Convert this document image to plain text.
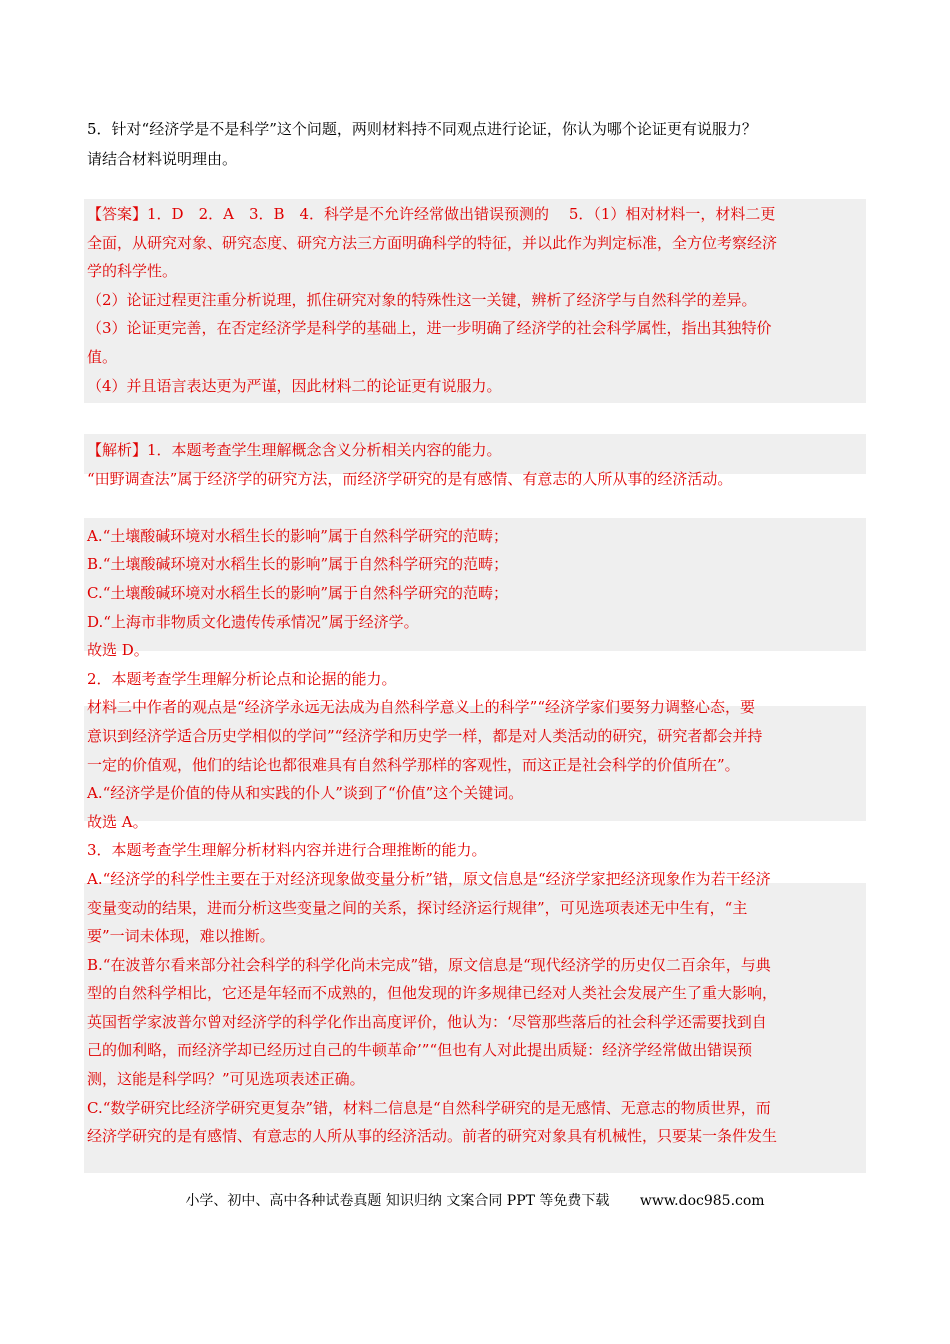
5．针对“经济学是不是科学”这个问题，两则材料持不同观点进行论证，你认为哪个论证更有说服力？
请结合材料说明理由。

【答案】1．D　2．A　3．B　4．科学是不允许经常做出错误预测的　 5．（1）相对材料一，材料二更

全面，从研究对象、研究态度、研究方法三方面明确科学的特征，并以此作为判定标准，全方位考察经济

学的科学性。

（2）论证过程更注重分析说理，抓住研究对象的特殊性这一关键，辨析了经济学与自然科学的差异。

（3）论证更完善，在否定经济学是科学的基础上，进一步明确了经济学的社会科学属性，指出其独特价

值。

（4）并且语言表达更为严谨，因此材料二的论证更有说服力。

【解析】1．本题考查学生理解概念含义分析相关内容的能力。

“田野调查法”属于经济学的研究方法，而经济学研究的是有感情、有意志的人所从事的经济活动。

A.“土壤酸碱环境对水稻生长的影响”属于自然科学研究的范畴；

B.“土壤酸碱环境对水稻生长的影响”属于自然科学研究的范畴；

C.“土壤酸碱环境对水稻生长的影响”属于自然科学研究的范畴；

D.“上海市非物质文化遗传传承情况”属于经济学。

故选 D。

2．本题考查学生理解分析论点和论据的能力。

材料二中作者的观点是“经济学永远无法成为自然科学意义上的科学”“经济学家们要努力调整心态，要

意识到经济学适合历史学相似的学问”“经济学和历史学一样，都是对人类活动的研究，研究者都会并持

一定的价值观，他们的结论也都很难具有自然科学那样的客观性，而这正是社会科学的价值所在”。

A.“经济学是价值的侍从和实践的仆人”谈到了“价值”这个关键词。

故选 A。

3．本题考查学生理解分析材料内容并进行合理推断的能力。

A.“经济学的科学性主要在于对经济现象做变量分析”错，原文信息是“经济学家把经济现象作为若干经济

变量变动的结果，进而分析这些变量之间的关系，探讨经济运行规律”，可见选项表述无中生有，“主

要”一词未体现，难以推断。

B.“在波普尔看来部分社会科学的科学化尚未完成”错，原文信息是“现代经济学的历史仅二百余年，与典

型的自然科学相比，它还是年轻而不成熟的，但他发现的许多规律已经对人类社会发展产生了重大影响，

英国哲学家波普尔曾对经济学的科学化作出高度评价，他认为：‘尽管那些落后的社会科学还需要找到自

己的伽利略，而经济学却已经历过自己的牛顿革命’”“但也有人对此提出质疑：经济学经常做出错误预

测，这能是科学吗？”可见选项表述正确。

C.“数学研究比经济学研究更复杂”错，材料二信息是“自然科学研究的是无感情、无意志的物质世界，而

经济学研究的是有感情、有意志的人所从事的经济活动。前者的研究对象具有机械性，只要某一条件发生

小学、初中、高中各种试卷真题 知识归纳 文案合同 PPT 等免费下载 www.doc985.com
